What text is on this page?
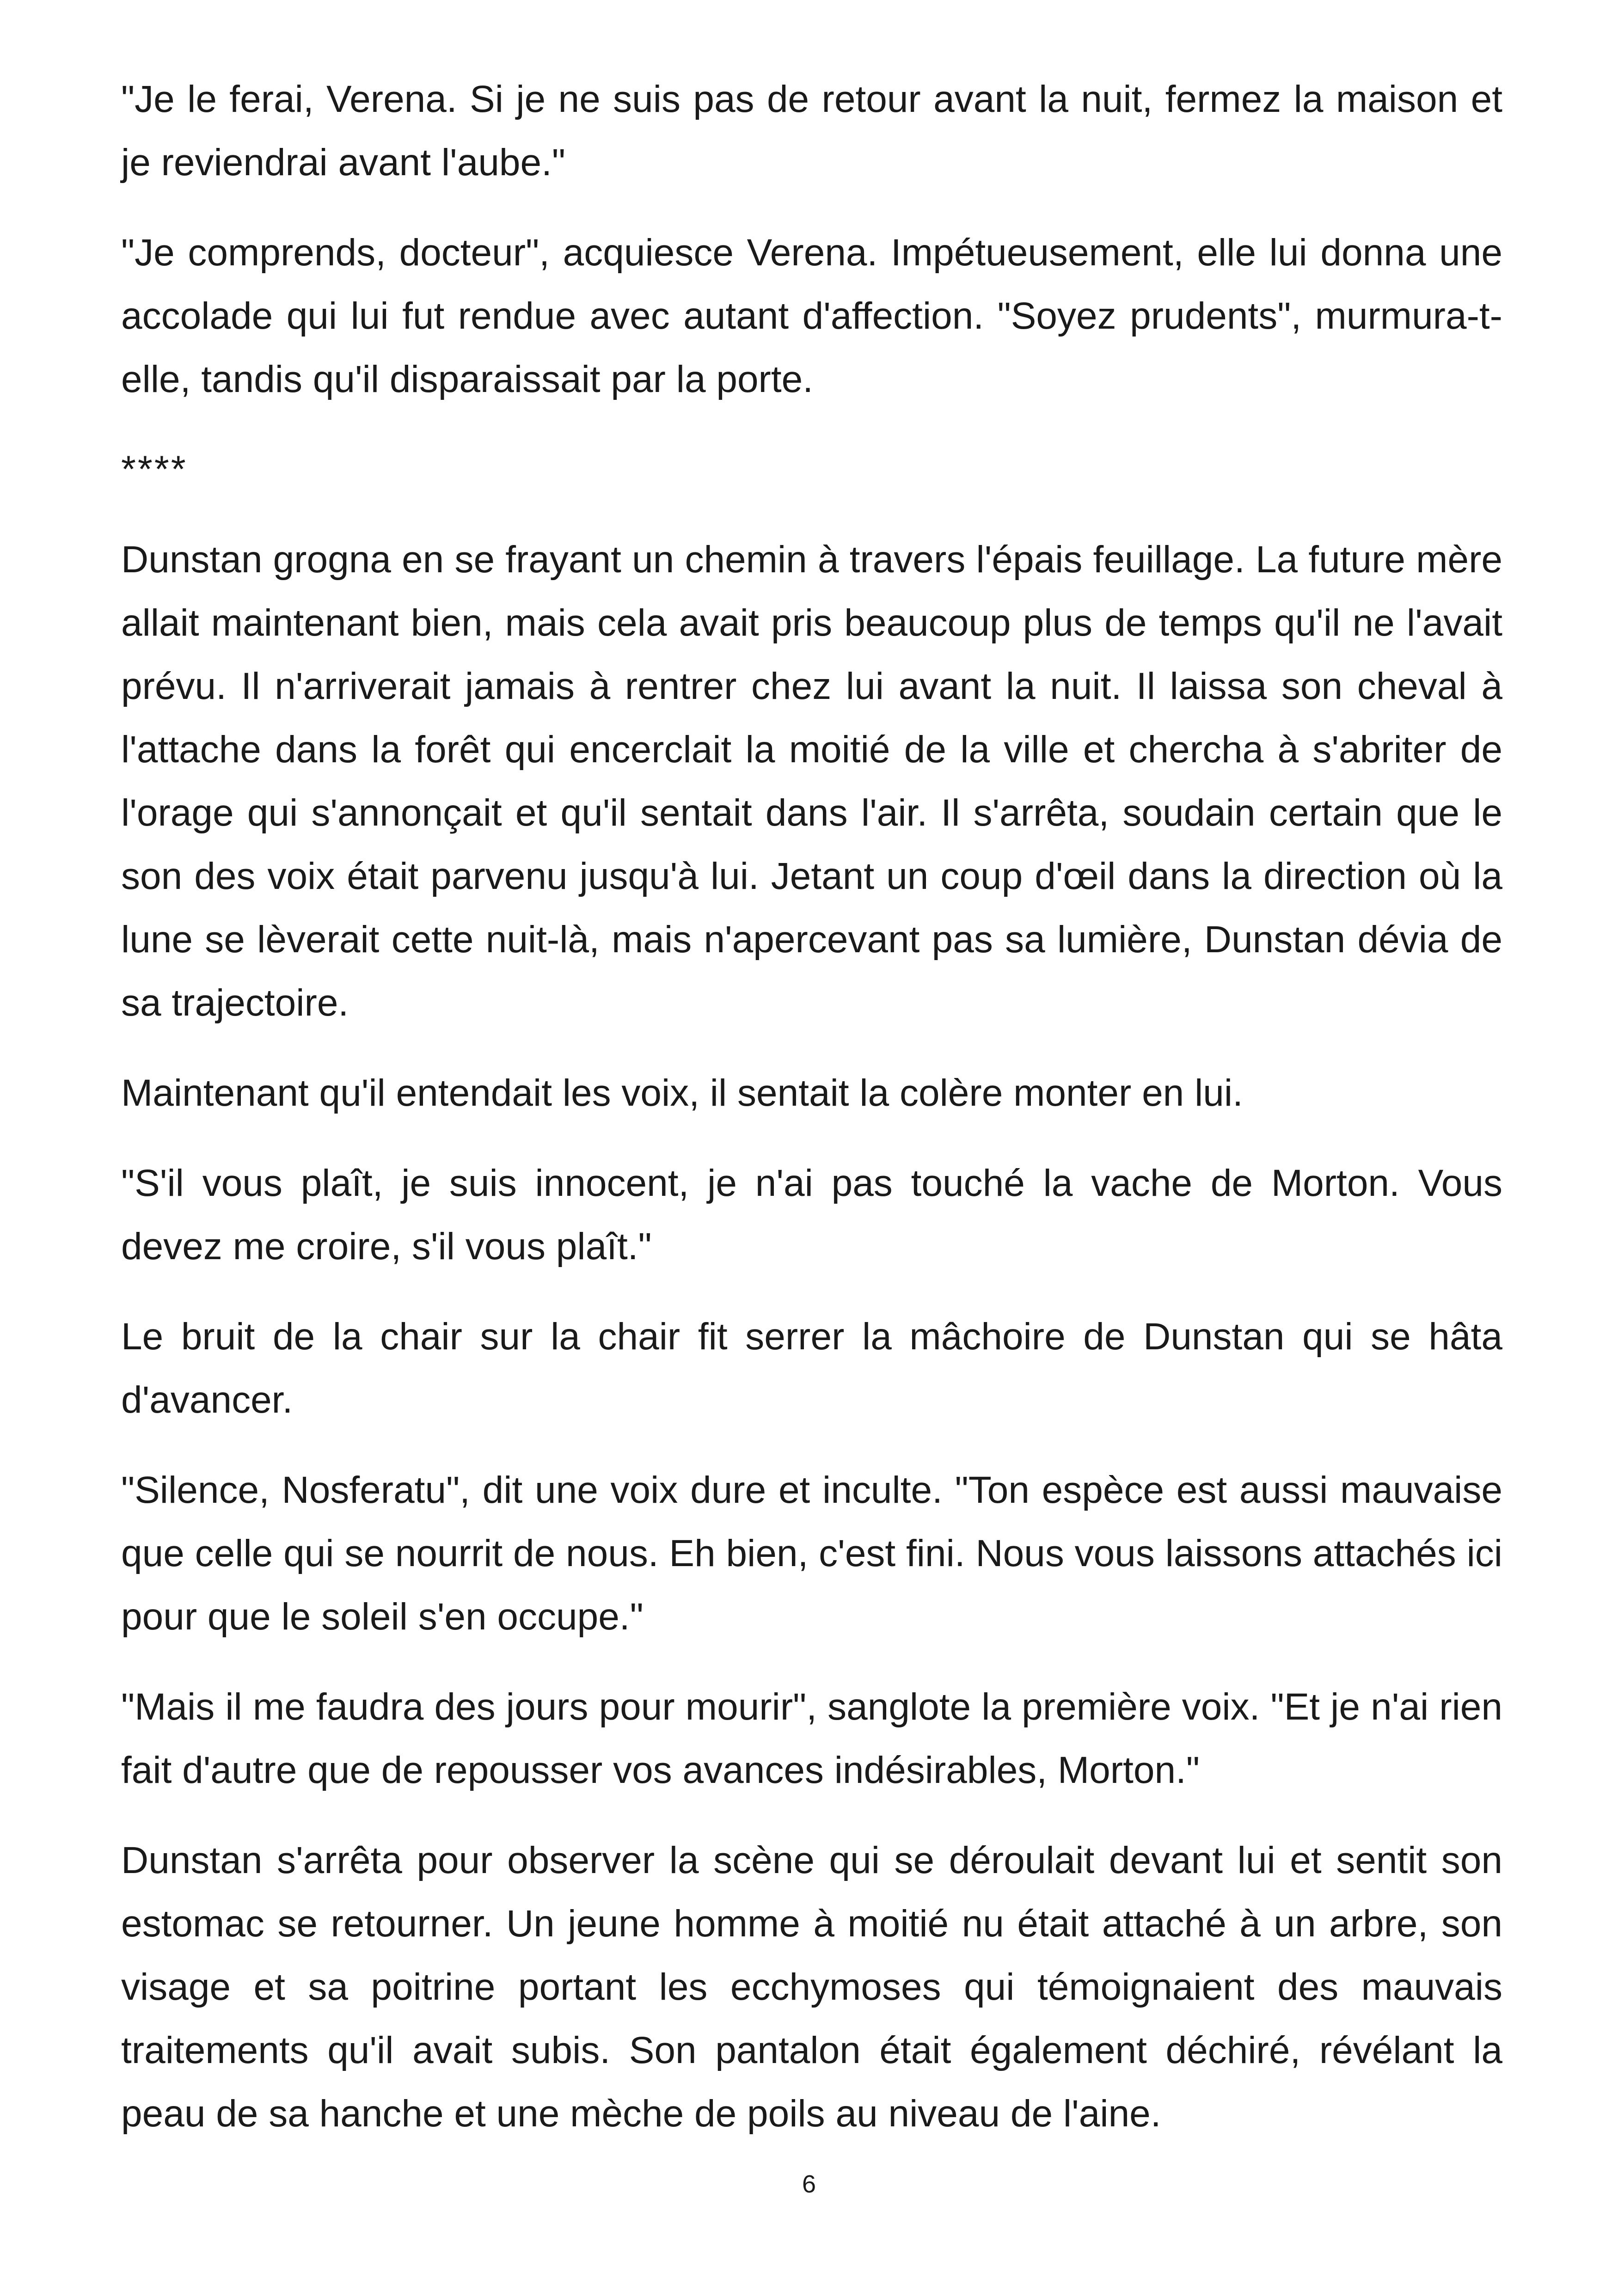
"Je le ferai, Verena. Si je ne suis pas de retour avant la nuit, fermez la maison et je reviendrai avant l'aube."

"Je comprends, docteur", acquiesce Verena. Impétueusement, elle lui donna une accolade qui lui fut rendue avec autant d'affection. "Soyez prudents", murmura-t-elle, tandis qu'il disparaissait par la porte.

****

Dunstan grogna en se frayant un chemin à travers l'épais feuillage. La future mère allait maintenant bien, mais cela avait pris beaucoup plus de temps qu'il ne l'avait prévu. Il n'arriverait jamais à rentrer chez lui avant la nuit. Il laissa son cheval à l'attache dans la forêt qui encerclait la moitié de la ville et chercha à s'abriter de l'orage qui s'annonçait et qu'il sentait dans l'air. Il s'arrêta, soudain certain que le son des voix était parvenu jusqu'à lui. Jetant un coup d'œil dans la direction où la lune se lèverait cette nuit-là, mais n'apercevant pas sa lumière, Dunstan dévia de sa trajectoire.

Maintenant qu'il entendait les voix, il sentait la colère monter en lui.

"S'il vous plaît, je suis innocent, je n'ai pas touché la vache de Morton. Vous devez me croire, s'il vous plaît."

Le bruit de la chair sur la chair fit serrer la mâchoire de Dunstan qui se hâta d'avancer.

"Silence, Nosferatu", dit une voix dure et inculte. "Ton espèce est aussi mauvaise que celle qui se nourrit de nous. Eh bien, c'est fini. Nous vous laissons attachés ici pour que le soleil s'en occupe."

"Mais il me faudra des jours pour mourir", sanglote la première voix. "Et je n'ai rien fait d'autre que de repousser vos avances indésirables, Morton."

Dunstan s'arrêta pour observer la scène qui se déroulait devant lui et sentit son estomac se retourner. Un jeune homme à moitié nu était attaché à un arbre, son visage et sa poitrine portant les ecchymoses qui témoignaient des mauvais traitements qu'il avait subis. Son pantalon était également déchiré, révélant la peau de sa hanche et une mèche de poils au niveau de l'aine.

6
